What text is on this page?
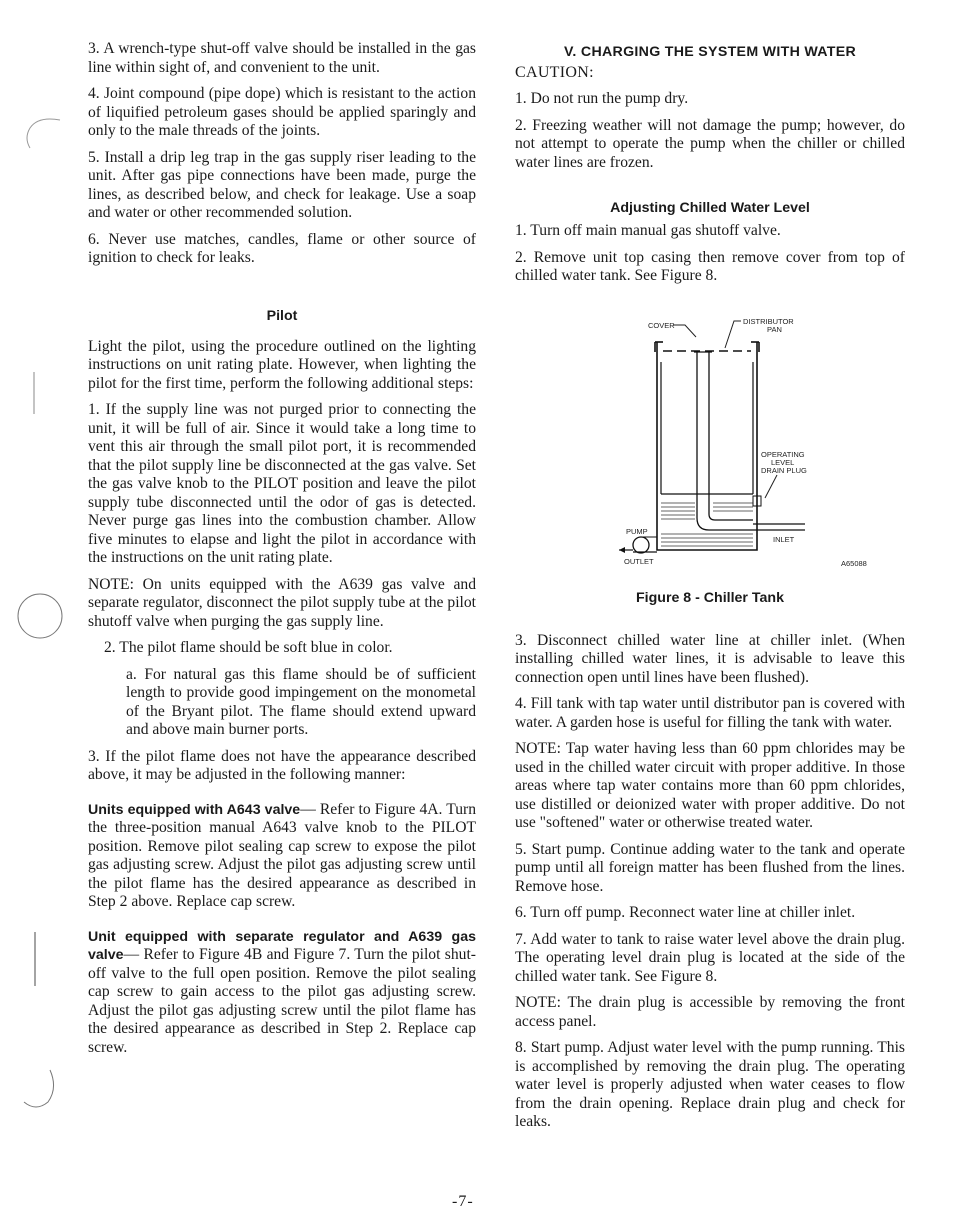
3. A wrench-type shut-off valve should be installed in the gas line within sight of, and convenient to the unit.

4. Joint compound (pipe dope) which is resistant to the action of liquified petroleum gases should be applied sparingly and only to the male threads of the joints.

5. Install a drip leg trap in the gas supply riser leading to the unit. After gas pipe connections have been made, purge the lines, as described below, and check for leakage. Use a soap and water or other recommended solution.

6. Never use matches, candles, flame or other source of ignition to check for leaks.

Pilot

Light the pilot, using the procedure outlined on the lighting instructions on unit rating plate. However, when lighting the pilot for the first time, perform the following additional steps:

1. If the supply line was not purged prior to connecting the unit, it will be full of air. Since it would take a long time to vent this air through the small pilot port, it is recommended that the pilot supply line be disconnected at the gas valve. Set the gas valve knob to the PILOT position and leave the pilot supply tube disconnected until the odor of gas is detected. Never purge gas lines into the combustion chamber. Allow five minutes to elapse and light the pilot in accordance with the instructions on the unit rating plate.

NOTE: On units equipped with the A639 gas valve and separate regulator, disconnect the pilot supply tube at the pilot shutoff valve when purging the gas supply line.

2. The pilot flame should be soft blue in color.

a. For natural gas this flame should be of sufficient length to provide good impingement on the monometal of the Bryant pilot. The flame should extend upward and above main burner ports.

3. If the pilot flame does not have the appearance described above, it may be adjusted in the following manner:

Units equipped with A643 valve— Refer to Figure 4A. Turn the three-position manual A643 valve knob to the PILOT position. Remove pilot sealing cap screw to expose the pilot gas adjusting screw. Adjust the pilot gas adjusting screw until the pilot flame has the desired appearance as described in Step 2 above. Replace cap screw.

Unit equipped with separate regulator and A639 gas valve— Refer to Figure 4B and Figure 7. Turn the pilot shut-off valve to the full open position. Remove the pilot sealing cap screw to gain access to the pilot gas adjusting screw. Adjust the pilot gas adjusting screw until the pilot flame has the desired appearance as described in Step 2. Replace cap screw.

V. CHARGING THE SYSTEM WITH WATER
CAUTION:

1. Do not run the pump dry.

2. Freezing weather will not damage the pump; however, do not attempt to operate the pump when the chiller or chilled water lines are frozen.

Adjusting Chilled Water Level

1. Turn off main manual gas shutoff valve.

2. Remove unit top casing then remove cover from top of chilled water tank. See Figure 8.

COVER	DISTRIBUTOR
PAN
OPERATING
LEVEL
DRAIN PLUG
PUMP
INLET
OUTLET	A65088
Figure 8 - Chiller Tank

3. Disconnect chilled water line at chiller inlet. (When installing chilled water lines, it is advisable to leave this connection open until lines have been flushed).

4. Fill tank with tap water until distributor pan is covered with water. A garden hose is useful for filling the tank with water.

NOTE: Tap water having less than 60 ppm chlorides may be used in the chilled water circuit with proper additive. In those areas where tap water contains more than 60 ppm chlorides, use distilled or deionized water with proper additive. Do not use "softened" water or otherwise treated water.

5. Start pump. Continue adding water to the tank and operate pump until all foreign matter has been flushed from the lines. Remove hose.

6. Turn off pump. Reconnect water line at chiller inlet.

7. Add water to tank to raise water level above the drain plug. The operating level drain plug is located at the side of the chilled water tank. See Figure 8.

NOTE: The drain plug is accessible by removing the front access panel.

8. Start pump. Adjust water level with the pump running. This is accomplished by removing the drain plug. The operating water level is properly adjusted when water ceases to flow from the drain opening. Replace drain plug and check for leaks.

-7-
